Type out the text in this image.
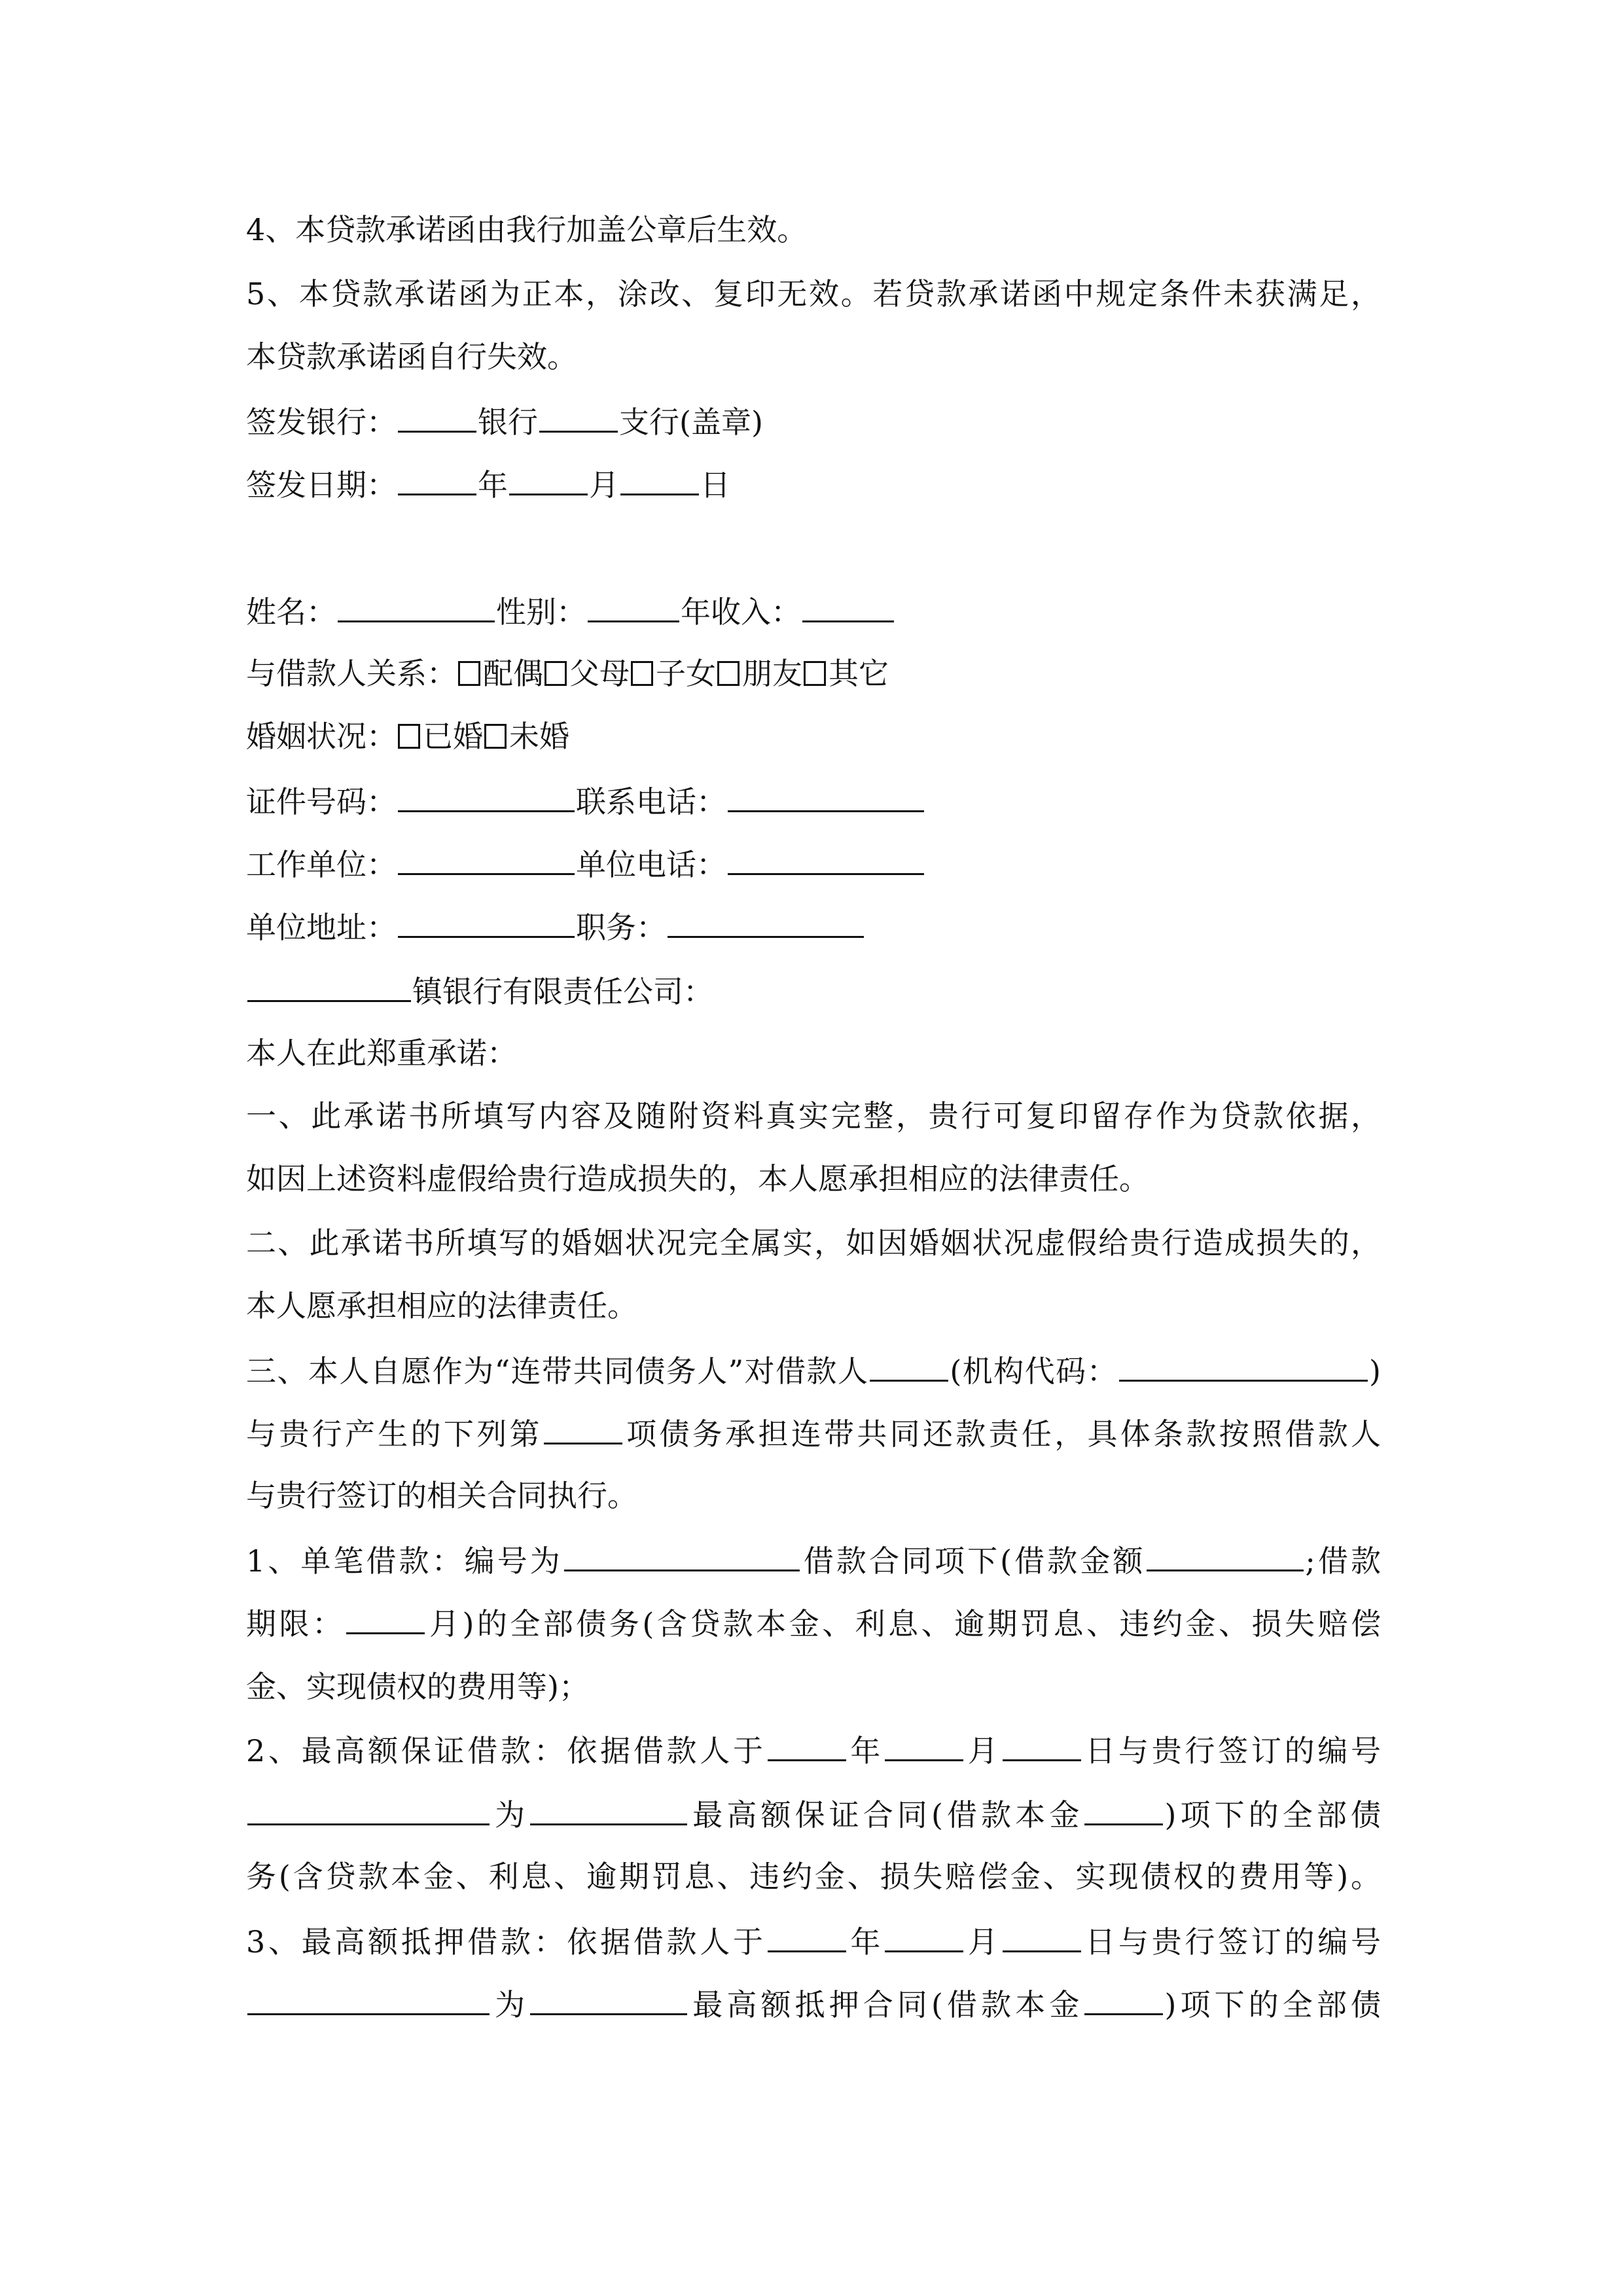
4、本贷款承诺函由我行加盖公章后生效。
5、本贷款承诺函为正本，涂改、复印无效。若贷款承诺函中规定条件未获满足，
本贷款承诺函自行失效。
签发银行：	银行	支行(盖章)
签发日期：	年	月	日
姓名：	性别：	年收入：
与借款人关系： 配偶 父母 子女 朋友 其它
婚姻状况： 已婚 未婚
证件号码：	联系电话：
工作单位：	单位电话：
单位地址：	职务：
镇银行有限责任公司：
本人在此郑重承诺：
一、此承诺书所填写内容及随附资料真实完整，贵行可复印留存作为贷款依据，
如因上述资料虚假给贵行造成损失的，本人愿承担相应的法律责任。
二、此承诺书所填写的婚姻状况完全属实，如因婚姻状况虚假给贵行造成损失的，
本人愿承担相应的法律责任。
三、本人自愿作为“连带共同债务人”对借款人	(机构代码：	)
与贵行产生的下列第	项债务承担连带共同还款责任，具体条款按照借款人
与贵行签订的相关合同执行。
1、单笔借款：编号为	借款合同项下(借款金额	;借款
期限：	月)的全部债务(含贷款本金、利息、逾期罚息、违约金、损失赔偿
金、实现债权的费用等)；
2、最高额保证借款：依据借款人于	年	月	日与贵行签订的编号
为	最高额保证合同(借款本金	)项下的全部债
务(含贷款本金、利息、逾期罚息、违约金、损失赔偿金、实现债权的费用等)。
3、最高额抵押借款：依据借款人于	年	月	日与贵行签订的编号
为	最高额抵押合同(借款本金	)项下的全部债
